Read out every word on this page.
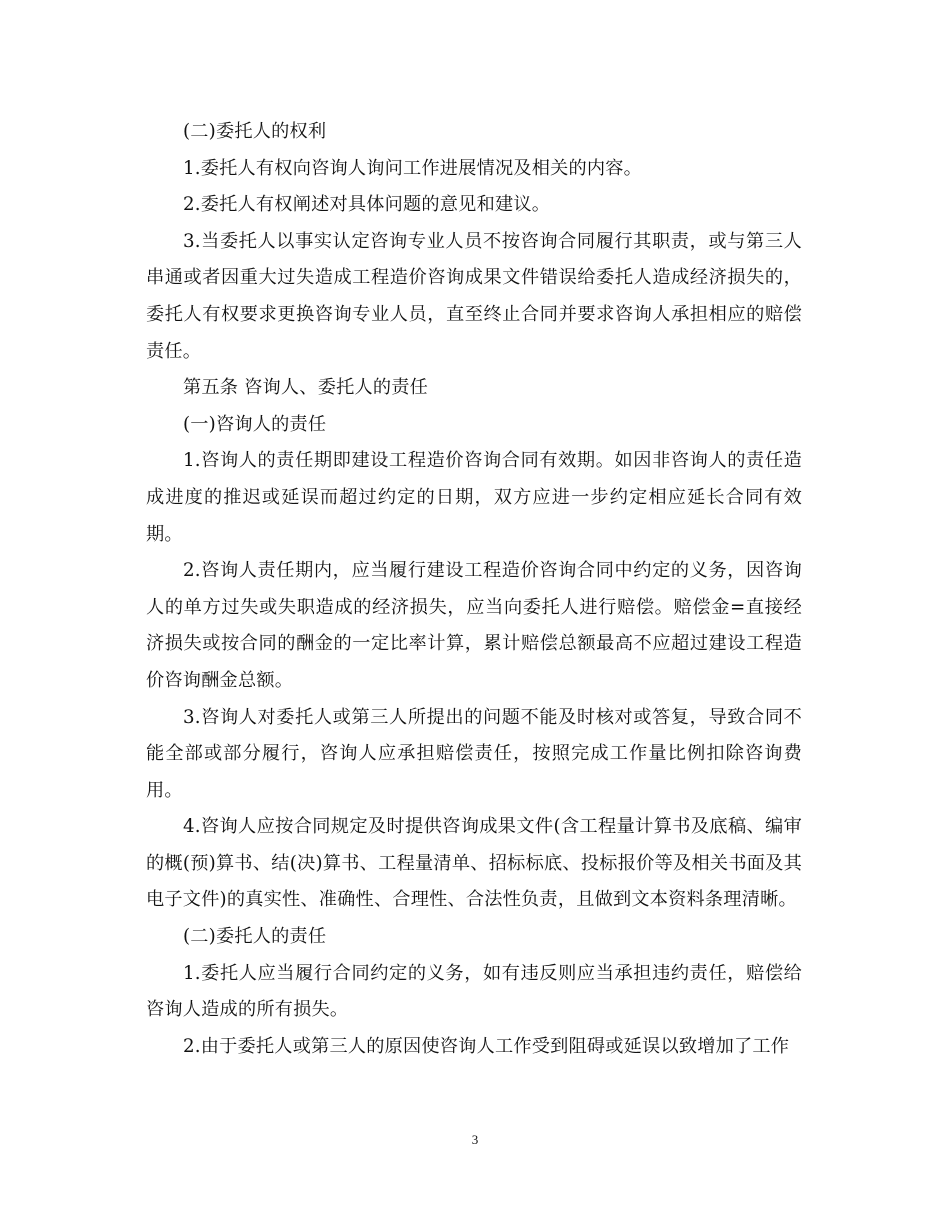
(二)委托人的权利

1.委托人有权向咨询人询问工作进展情况及相关的内容。

2.委托人有权阐述对具体问题的意见和建议。

3.当委托人以事实认定咨询专业人员不按咨询合同履行其职责，或与第三人串通或者因重大过失造成工程造价咨询成果文件错误给委托人造成经济损失的，委托人有权要求更换咨询专业人员，直至终止合同并要求咨询人承担相应的赔偿责任。

第五条 咨询人、委托人的责任

(一)咨询人的责任

1.咨询人的责任期即建设工程造价咨询合同有效期。如因非咨询人的责任造成进度的推迟或延误而超过约定的日期，双方应进一步约定相应延长合同有效期。

2.咨询人责任期内，应当履行建设工程造价咨询合同中约定的义务，因咨询人的单方过失或失职造成的经济损失，应当向委托人进行赔偿。赔偿金=直接经济损失或按合同的酬金的一定比率计算，累计赔偿总额最高不应超过建设工程造价咨询酬金总额。

3.咨询人对委托人或第三人所提出的问题不能及时核对或答复，导致合同不能全部或部分履行，咨询人应承担赔偿责任，按照完成工作量比例扣除咨询费用。

4.咨询人应按合同规定及时提供咨询成果文件(含工程量计算书及底稿、编审的概(预)算书、结(决)算书、工程量清单、招标标底、投标报价等及相关书面及其电子文件)的真实性、准确性、合理性、合法性负责，且做到文本资料条理清晰。

(二)委托人的责任

1.委托人应当履行合同约定的义务，如有违反则应当承担违约责任，赔偿给咨询人造成的所有损失。

2.由于委托人或第三人的原因使咨询人工作受到阻碍或延误以致增加了工作

3
